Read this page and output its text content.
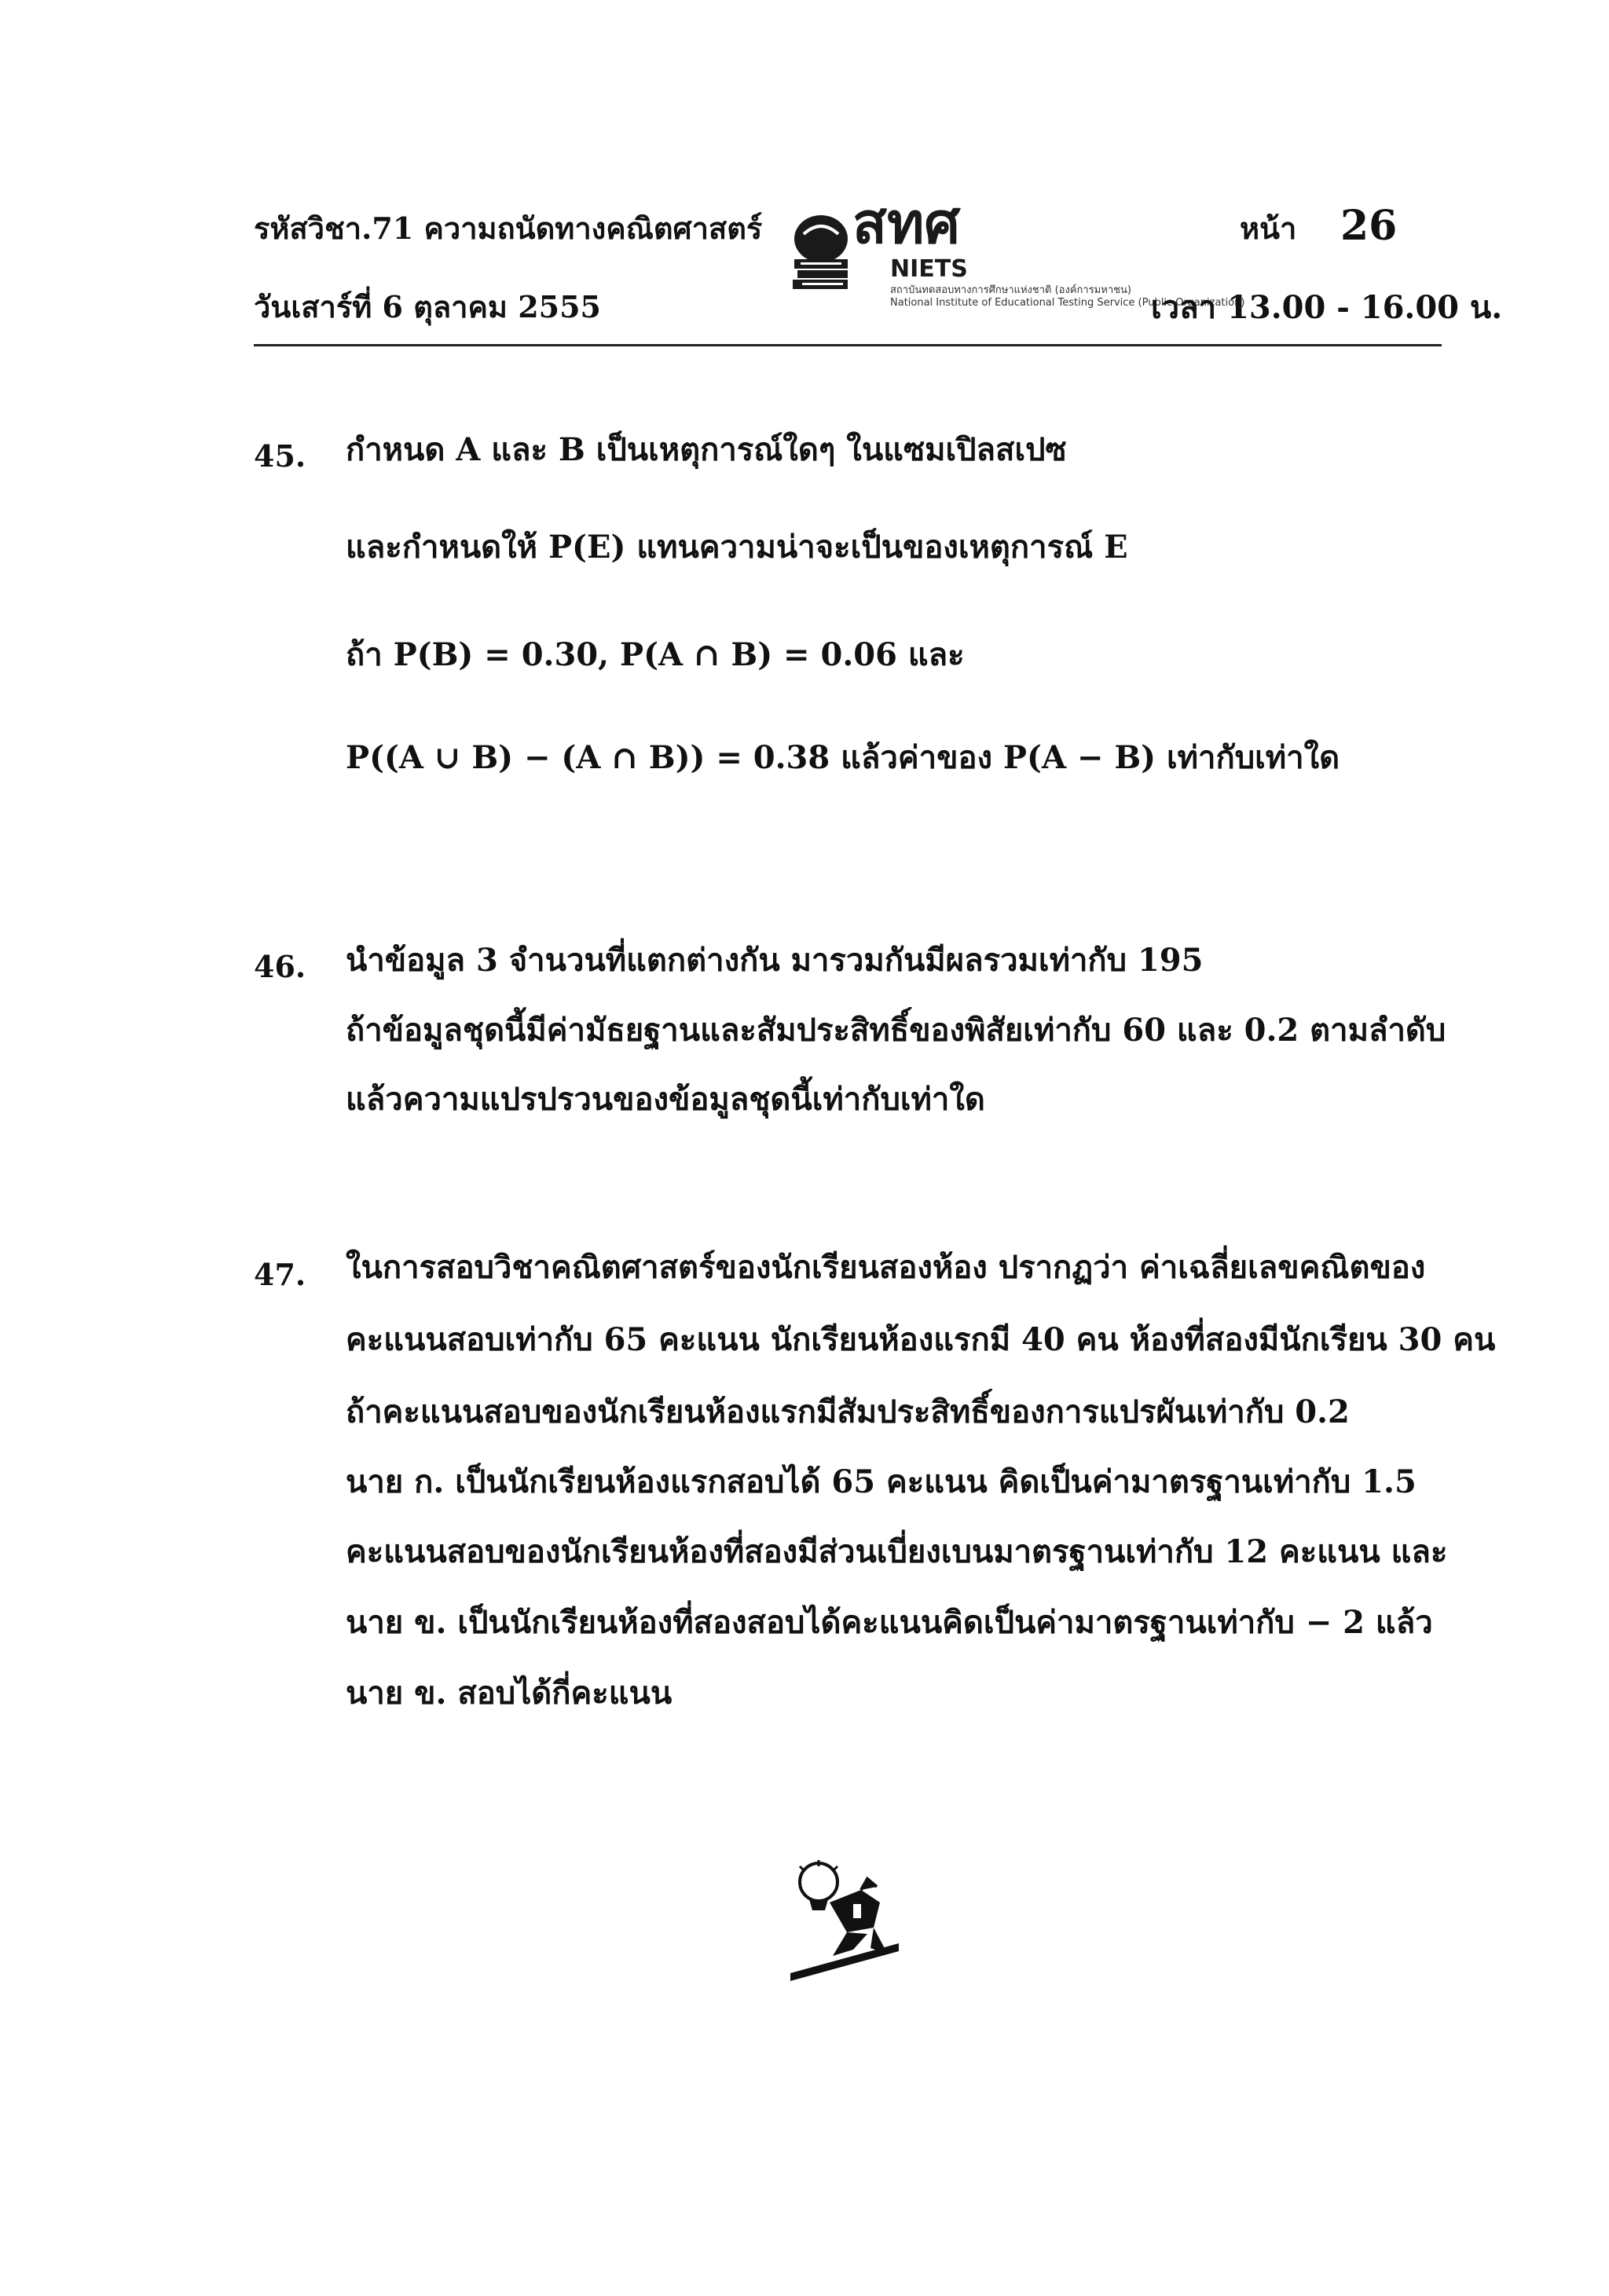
รหัสวิชา.71 ความถนัดทางคณิตศาสตร์
วันเสาร์ที่ 6 ตุลาคม 2555
สทศ
NIETS
สถาบันทดสอบทางการศึกษาแห่งชาติ (องค์การมหาชน)
National Institute of Educational Testing Service (Public Organization)
หน้า 26
เวลา 13.00 - 16.00 น.
45. กำหนด A และ B เป็นเหตุการณ์ใดๆ ในแซมเปิลสเปซ
และกำหนดให้ P(E) แทนความน่าจะเป็นของเหตุการณ์ E
ถ้า P(B) = 0.30, P(A ∩ B) = 0.06 และ
P((A ∪ B) − (A ∩ B)) = 0.38 แล้วค่าของ P(A − B) เท่ากับเท่าใด
46. นำข้อมูล 3 จำนวนที่แตกต่างกัน มารวมกันมีผลรวมเท่ากับ 195
ถ้าข้อมูลชุดนี้มีค่ามัธยฐานและสัมประสิทธิ์ของพิสัยเท่ากับ 60 และ 0.2 ตามลำดับ
แล้วความแปรปรวนของข้อมูลชุดนี้เท่ากับเท่าใด
47. ในการสอบวิชาคณิตศาสตร์ของนักเรียนสองห้อง ปรากฏว่า ค่าเฉลี่ยเลขคณิตของ
คะแนนสอบเท่ากับ 65 คะแนน นักเรียนห้องแรกมี 40 คน ห้องที่สองมีนักเรียน 30 คน
ถ้าคะแนนสอบของนักเรียนห้องแรกมีสัมประสิทธิ์ของการแปรผันเท่ากับ 0.2
นาย ก. เป็นนักเรียนห้องแรกสอบได้ 65 คะแนน คิดเป็นค่ามาตรฐานเท่ากับ 1.5
คะแนนสอบของนักเรียนห้องที่สองมีส่วนเบี่ยงเบนมาตรฐานเท่ากับ 12 คะแนน และ
นาย ข. เป็นนักเรียนห้องที่สองสอบได้คะแนนคิดเป็นค่ามาตรฐานเท่ากับ − 2 แล้ว
นาย ข. สอบได้กี่คะแนน
